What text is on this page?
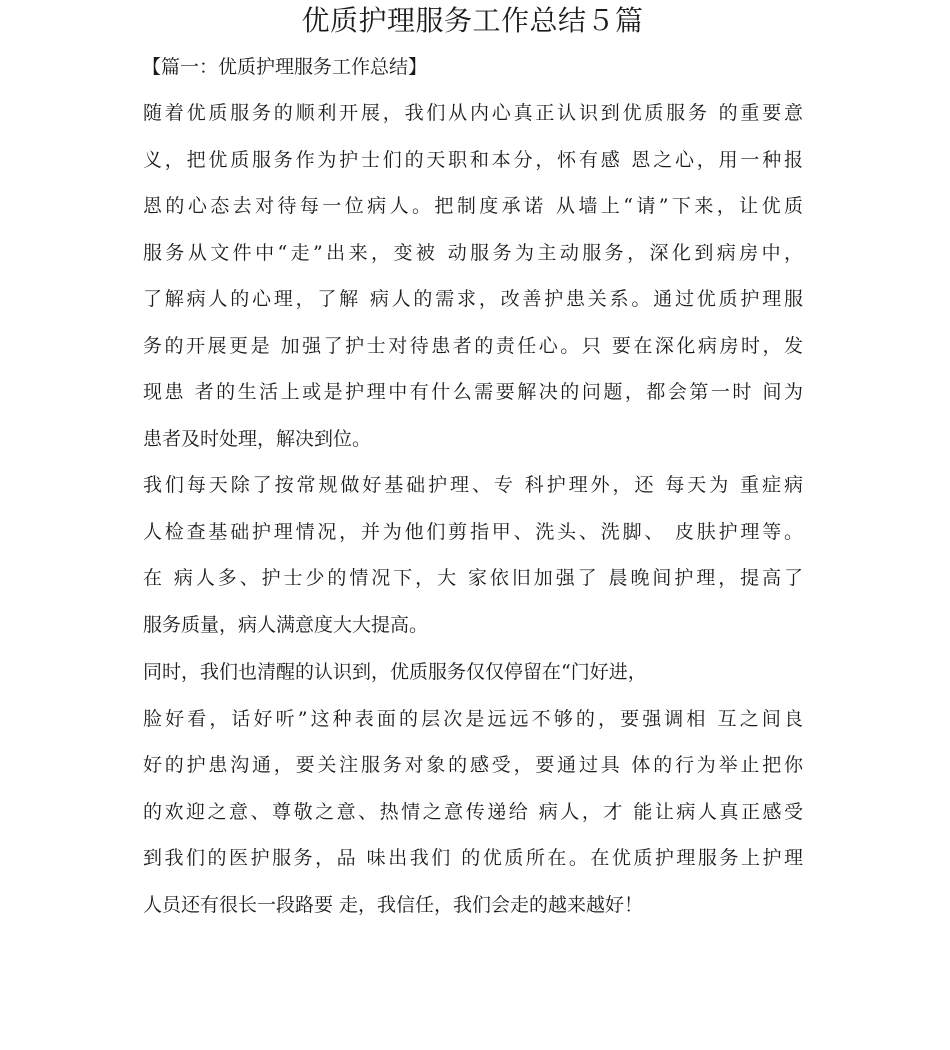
优质护理服务工作总结５篇
【篇一：优质护理服务工作总结】
随着优质服务的顺利开展，我们从内心真正认识到优质服务 的重要意
义，把优质服务作为护士们的天职和本分，怀有感 恩之心，用一种报
恩的心态去对待每一位病人。把制度承诺 从墙上“请”下来，让优质
服务从文件中“走”出来，变被 动服务为主动服务，深化到病房中，
了解病人的心理，了解 病人的需求，改善护患关系。通过优质护理服
务的开展更是 加强了护士对待患者的责任心。只 要在深化病房时，发
现患 者的生活上或是护理中有什么需要解决的问题，都会第一时 间为
患者及时处理，解决到位。
我们每天除了按常规做好基础护理、专 科护理外，还 每天为 重症病
人检查基础护理情况，并为他们剪指甲、洗头、洗脚、 皮肤护理等。
在 病人多、护士少的情况下，大 家依旧加强了 晨晚间护理，提高了
服务质量，病人满意度大大提高。
同时，我们也清醒的认识到，优质服务仅仅停留在“门好进，
脸好看，话好听”这种表面的层次是远远不够的，要强调相 互之间良
好的护患沟通，要关注服务对象的感受，要通过具 体的行为举止把你
的欢迎之意、尊敬之意、热情之意传递给 病人，才 能让病人真正感受
到我们的医护服务，品 味出我们 的优质所在。在优质护理服务上护理
人员还有很长一段路要 走，我信任，我们会走的越来越好！
